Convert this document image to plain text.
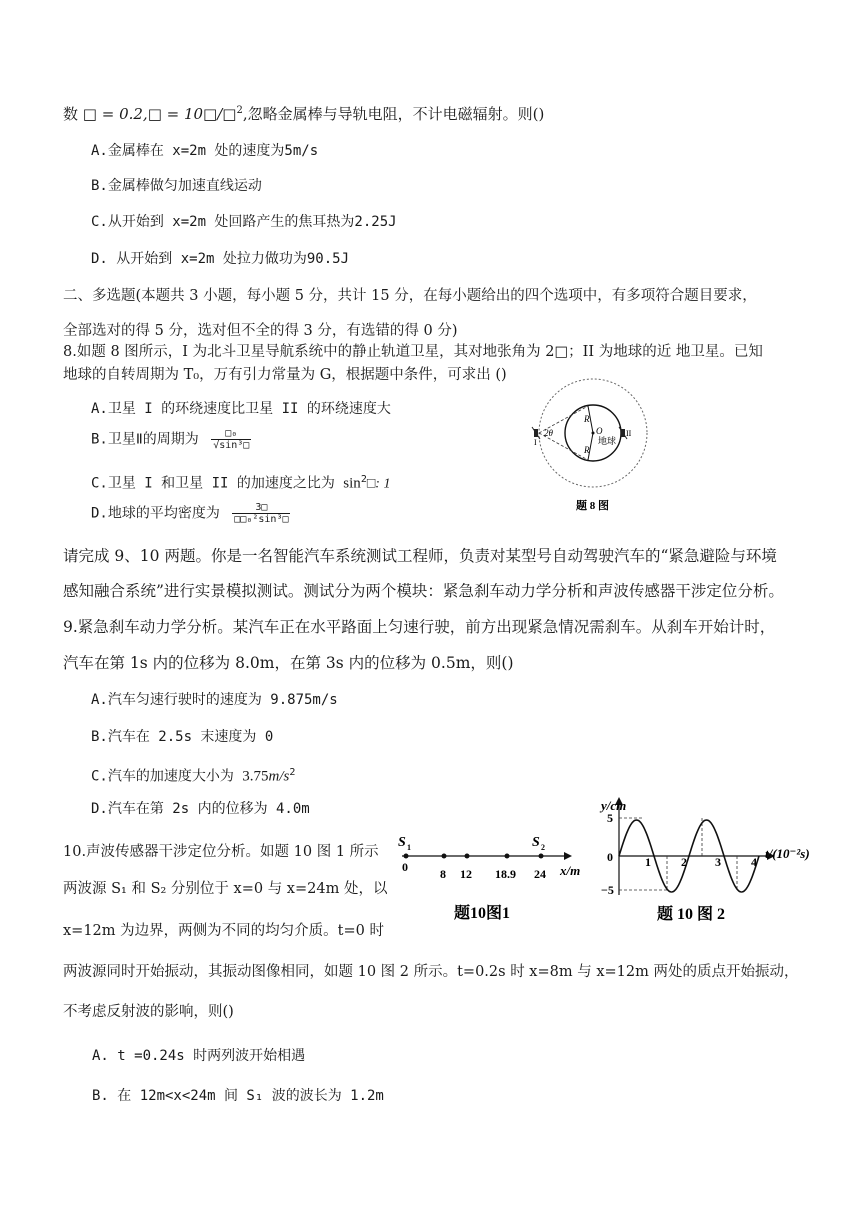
数 □ = 0.2,□ = 10□/□$^2$,忽略金属棒与导轨电阻，不计电磁辐射。则()
A.金属棒在 x=2m 处的速度为5m/s
B.金属棒做匀加速直线运动
C.从开始到 x=2m 处回路产生的焦耳热为2.25J
D. 从开始到 x=2m 处拉力做功为90.5J
二、多选题(本题共 3 小题，每小题 5 分，共计 15 分，在每小题给出的四个选项中，有多项符合题目要求，
全部选对的得 5 分，选对但不全的得 3 分，有选错的得 0 分)
8.如题 8 图所示，I 为北斗卫星导航系统中的静止轨道卫星，其对地张角为 2□；II 为地球的近 地卫星。已知
地球的自转周期为 T₀，万有引力常量为 G，根据题中条件，可求出 ()
A.卫星 I 的环绕速度比卫星 II 的环绕速度大
B.卫星Ⅱ的周期为 $\frac{\text{□₀}}{\text{√sin³□}}$
C.卫星 I 和卫星 II 的加速度之比为 $\sin^2□$: 1
D.地球的平均密度为 $\frac{3□}{\text{□□₀²sin³□}}$
R
R
O
地球
2θ
I
II
题 8 图
请完成 9、10 两题。你是一名智能汽车系统测试工程师，负责对某型号自动驾驶汽车的“紧急避险与环境
感知融合系统”进行实景模拟测试。测试分为两个模块：紧急刹车动力学分析和声波传感器干涉定位分析。
9.紧急刹车动力学分析。某汽车正在水平路面上匀速行驶，前方出现紧急情况需刹车。从刹车开始计时，
汽车在第 1s 内的位移为 8.0m，在第 3s 内的位移为 0.5m，则()
A.汽车匀速行驶时的速度为 9.875m/s
B.汽车在 2.5s 末速度为 0
C.汽车的加速度大小为 $3.75m/s^2$
D.汽车在第 2s 内的位移为 4.0m
10.声波传感器干涉定位分析。如题 10 图 1 所示
两波源 S₁ 和 S₂ 分别位于 x=0 与 x=24m 处，以
x=12m 为边界，两侧为不同的均匀介质。t=0 时
两波源同时开始振动，其振动图像相同，如题 10 图 2 所示。t=0.2s 时 x=8m 与 x=12m 两处的质点开始振动，
不考虑反射波的影响，则()
A. t =0.24s 时两列波开始相遇
B. 在 12m<x<24m 间 S₁ 波的波长为 1.2m
S 1	S 2
0	8 12 18.9 24 x/m
题10图1
y/cm
5
0
−5
1	2 3	4
t/(10⁻²s)
题 10 图 2
